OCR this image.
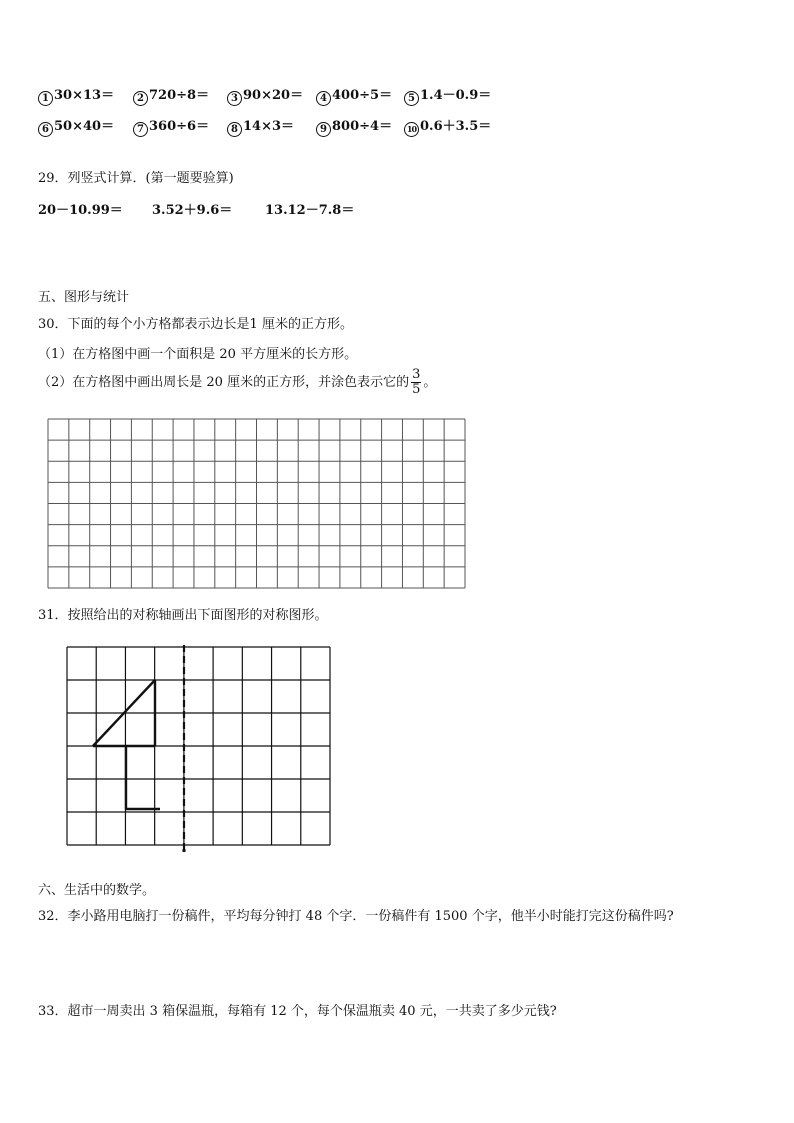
1 30×13＝	2 720÷8＝	3 90×20＝	4 400÷5＝	5 1.4－0.9＝
6 50×40＝	7 360÷6＝	8 14×3＝	9 800÷4＝	10 0.6＋3.5＝
29．列竖式计算．(第一题要验算)
20－10.99＝ 3.52＋9.6＝	13.12－7.8＝
五、图形与统计
30．下面的每个小方格都表示边长是1 厘米的正方形。
（1）在方格图中画一个面积是 20 平方厘米的长方形。
（2）在方格图中画出周长是 20 厘米的正方形，并涂色表示它的 $\frac{3}{5}$ 。
31．按照给出的对称轴画出下面图形的对称图形。
六、生活中的数学。
32．李小路用电脑打一份稿件，平均每分钟打 48 个字．一份稿件有 1500 个字，他半小时能打完这份稿件吗?
33．超市一周卖出 3 箱保温瓶，每箱有 12 个，每个保温瓶卖 40 元，一共卖了多少元钱?
